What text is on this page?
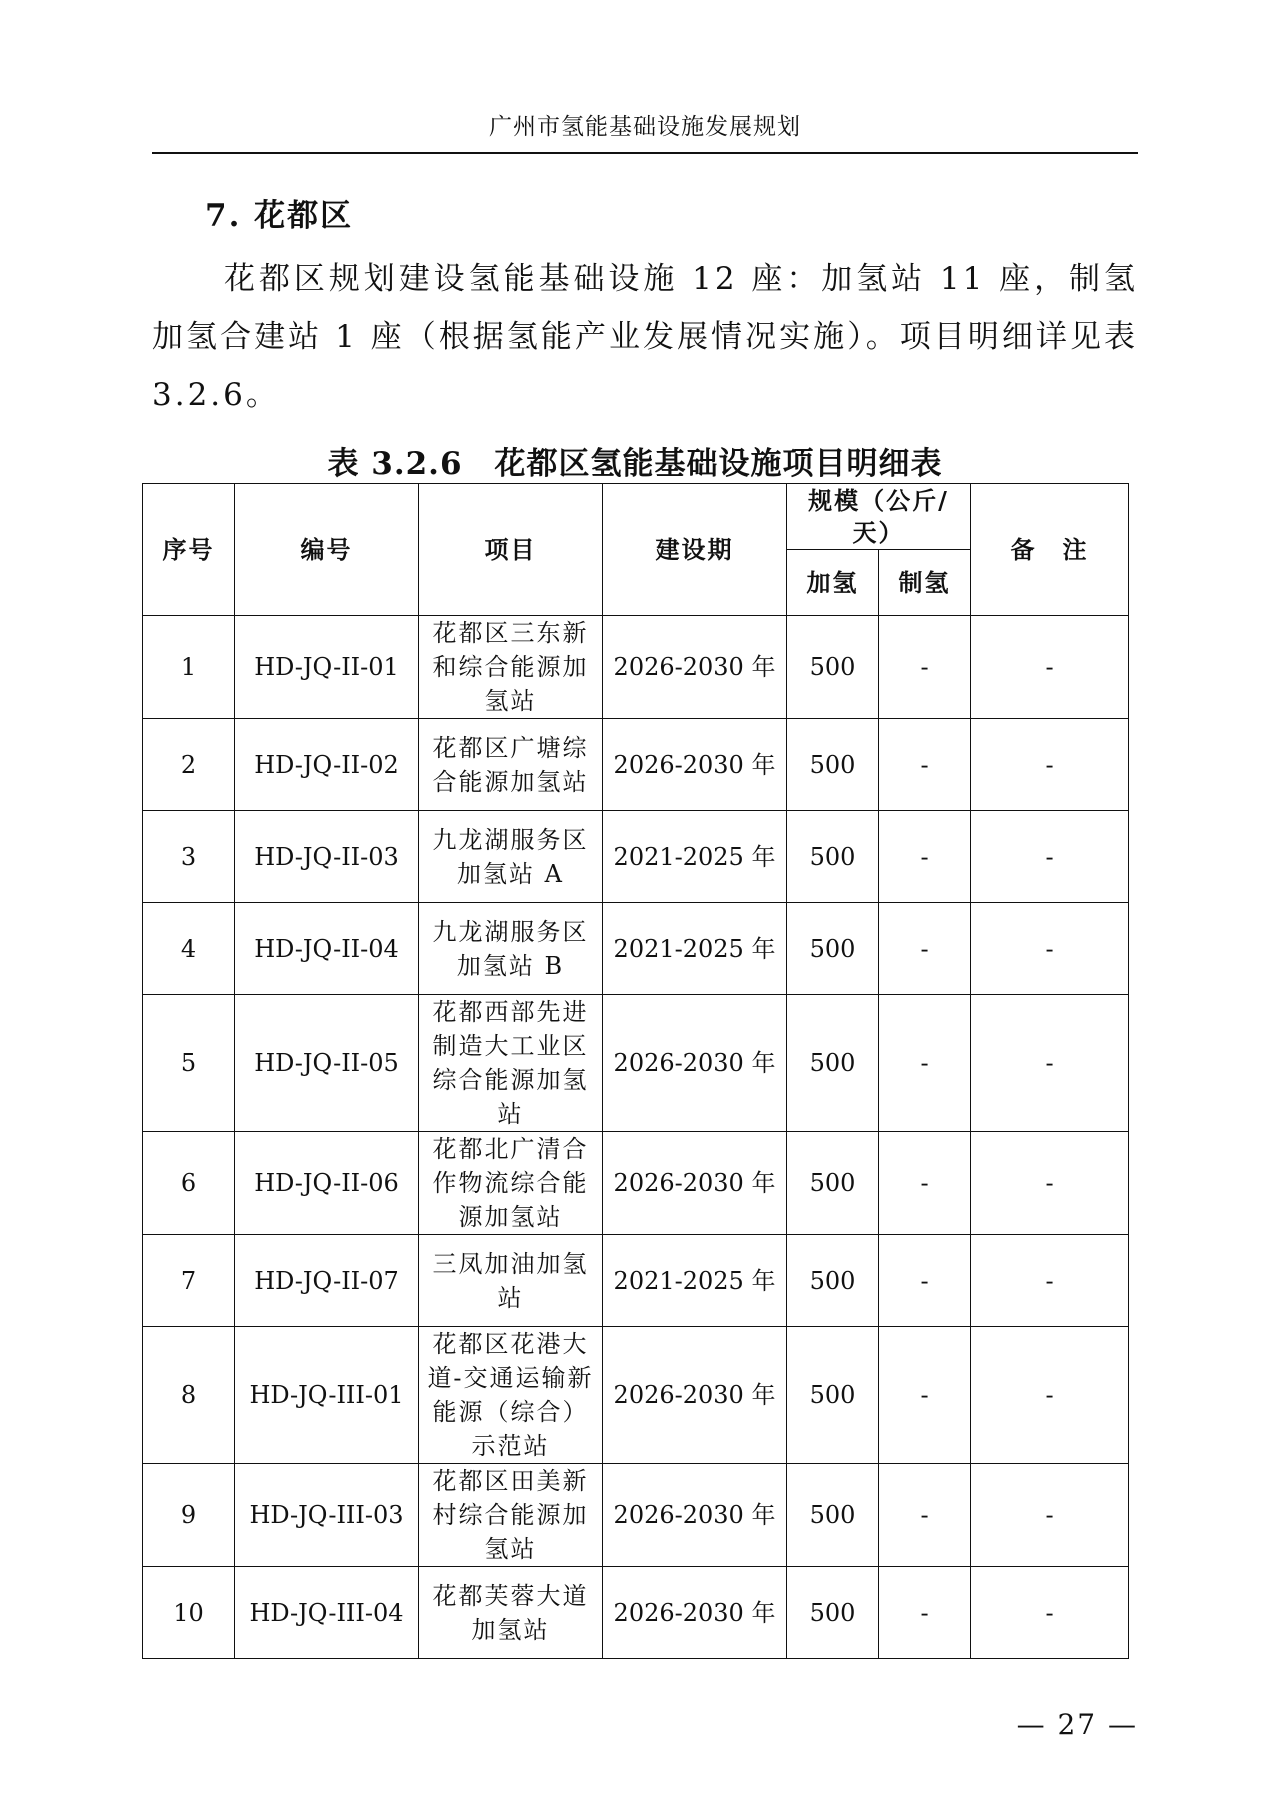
广州市氢能基础设施发展规划
7. 花都区
花都区规划建设氢能基础设施 12 座：加氢站 11 座，制氢加氢合建站 1 座（根据氢能产业发展情况实施）。项目明细详见表 3.2.6。
表 3.2.6　花都区氢能基础设施项目明细表
序号	编号	项目	建设期	规模（公斤/天）		备　注
				加氢	制氢	
1	HD-JQ-II-01	花都区三东新和综合能源加氢站	2026-2030 年	500	-	-
2	HD-JQ-II-02	花都区广塘综合能源加氢站	2026-2030 年	500	-	-
3	HD-JQ-II-03	九龙湖服务区加氢站 A	2021-2025 年	500	-	-
4	HD-JQ-II-04	九龙湖服务区加氢站 B	2021-2025 年	500	-	-
5	HD-JQ-II-05	花都西部先进制造大工业区综合能源加氢站	2026-2030 年	500	-	-
6	HD-JQ-II-06	花都北广清合作物流综合能源加氢站	2026-2030 年	500	-	-
7	HD-JQ-II-07	三凤加油加氢站	2021-2025 年	500	-	-
8	HD-JQ-III-01	花都区花港大道-交通运输新能源（综合）示范站	2026-2030 年	500	-	-
9	HD-JQ-III-03	花都区田美新村综合能源加氢站	2026-2030 年	500	-	-
10	HD-JQ-III-04	花都芙蓉大道加氢站	2026-2030 年	500	-	-
— 27 —
